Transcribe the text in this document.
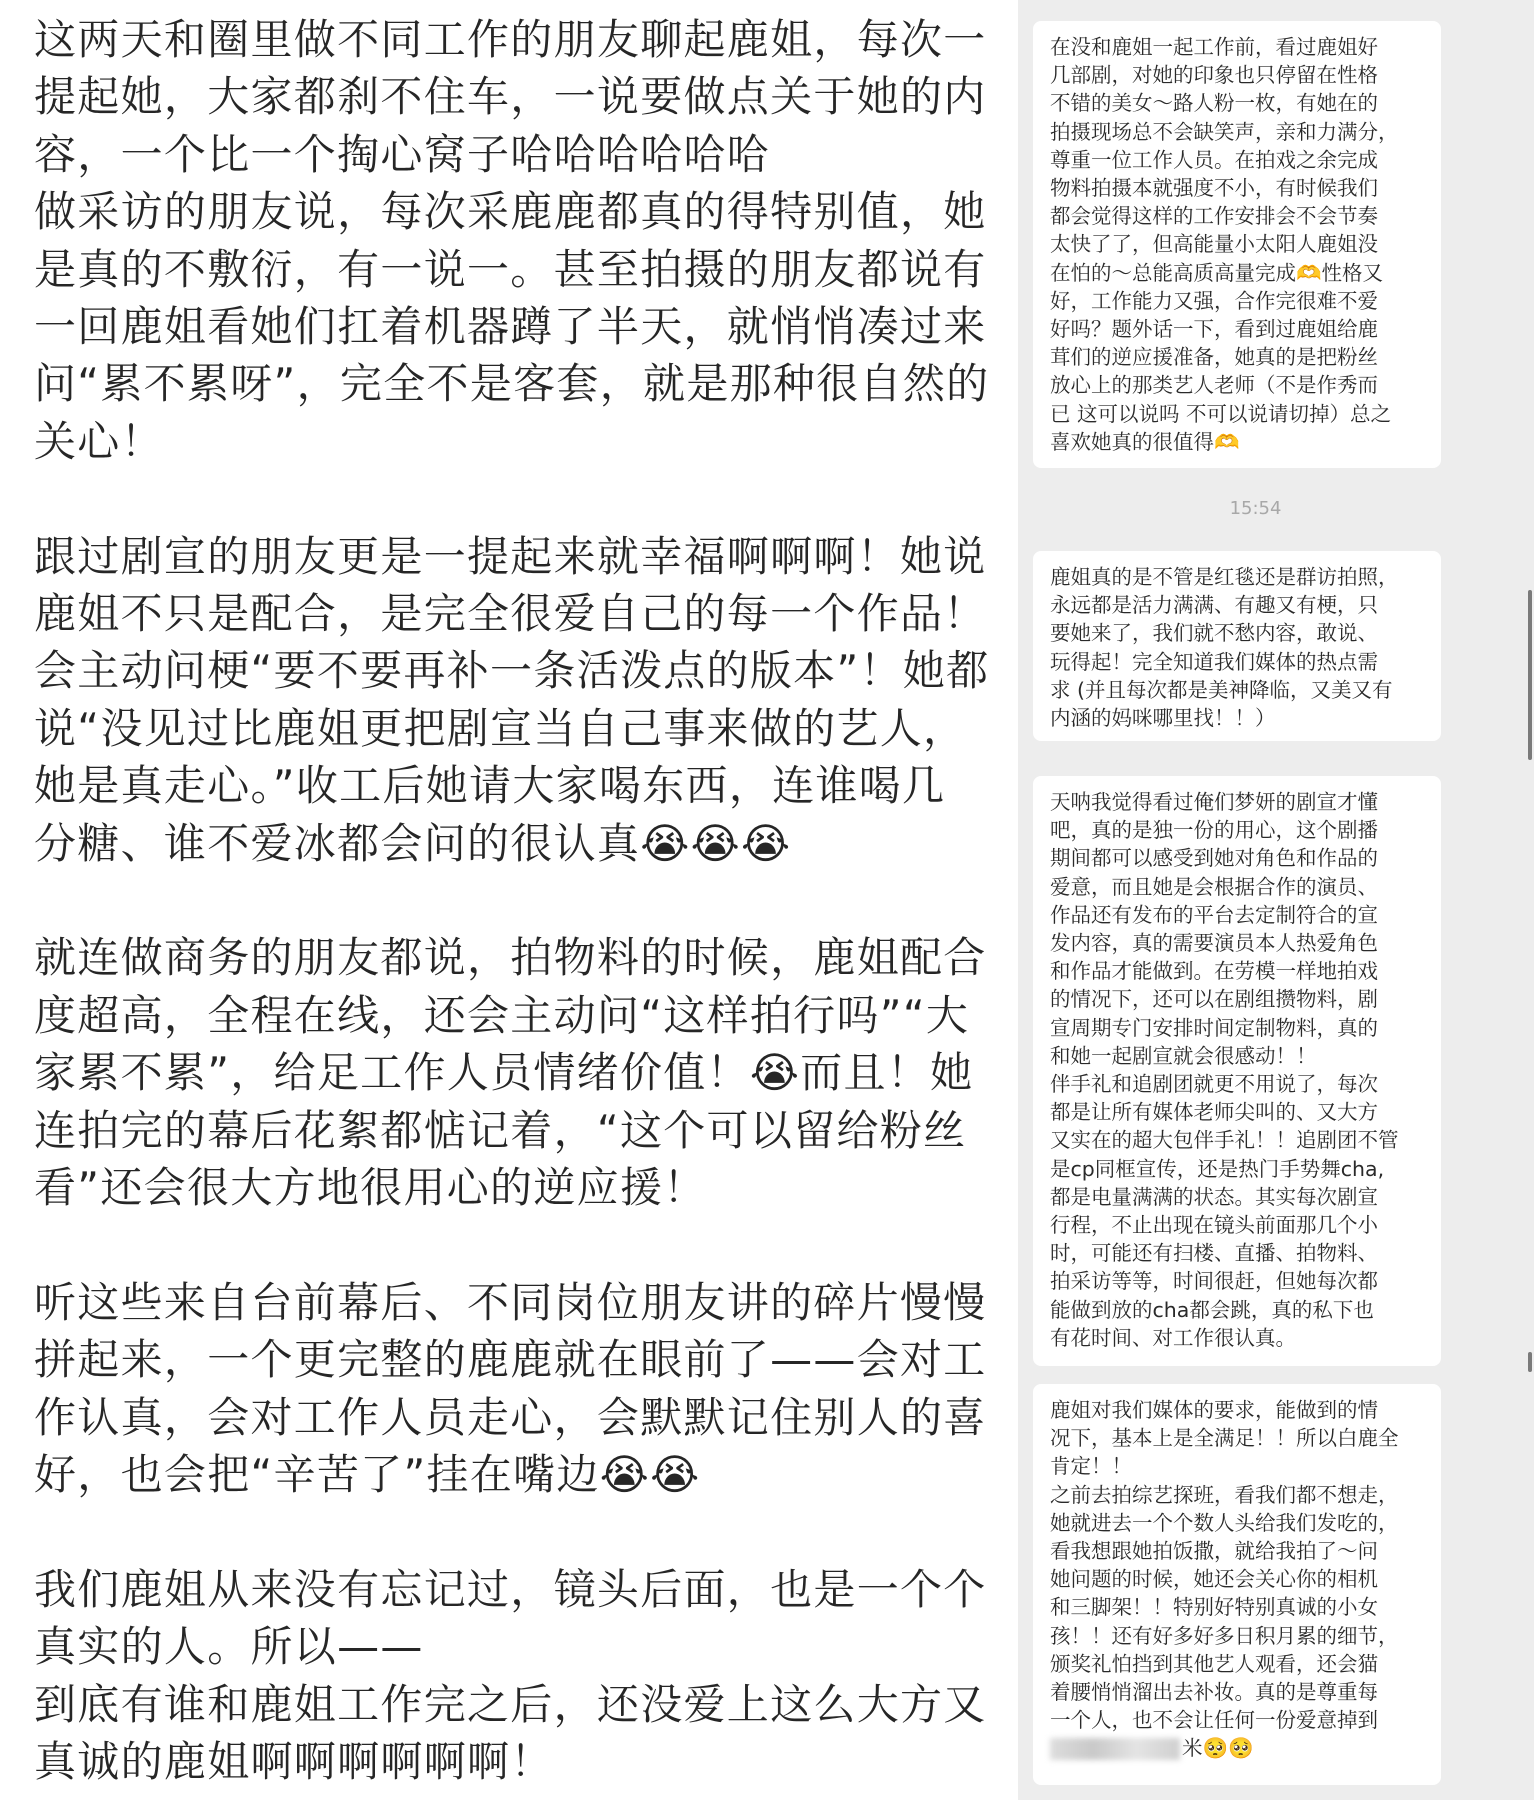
这两天和圈里做不同工作的朋友聊起鹿姐，每次一
提起她，大家都刹不住车，一说要做点关于她的内
容，一个比一个掏心窝子哈哈哈哈哈哈
做采访的朋友说，每次采鹿鹿都真的得特别值，她
是真的不敷衍，有一说一。甚至拍摄的朋友都说有
一回鹿姐看她们扛着机器蹲了半天，就悄悄凑过来
问“累不累呀”，完全不是客套，就是那种很自然的
关心！
跟过剧宣的朋友更是一提起来就幸福啊啊啊！她说
鹿姐不只是配合，是完全很爱自己的每一个作品！
会主动问梗“要不要再补一条活泼点的版本”！她都
说“没见过比鹿姐更把剧宣当自己事来做的艺人，
她是真走心。”收工后她请大家喝东西，连谁喝几
分糖、谁不爱冰都会问的很认真😭😭😭
就连做商务的朋友都说，拍物料的时候，鹿姐配合
度超高，全程在线，还会主动问“这样拍行吗”“大
家累不累”，给足工作人员情绪价值！😭而且！她
连拍完的幕后花絮都惦记着，“这个可以留给粉丝
看”还会很大方地很用心的逆应援！
听这些来自台前幕后、不同岗位朋友讲的碎片慢慢
拼起来，一个更完整的鹿鹿就在眼前了——会对工
作认真，会对工作人员走心，会默默记住别人的喜
好，也会把“辛苦了”挂在嘴边😭😭
我们鹿姐从来没有忘记过，镜头后面，也是一个个
真实的人。所以——
到底有谁和鹿姐工作完之后，还没爱上这么大方又
真诚的鹿姐啊啊啊啊啊啊！
15:54
在没和鹿姐一起工作前，看过鹿姐好
几部剧，对她的印象也只停留在性格
不错的美女～路人粉一枚，有她在的
拍摄现场总不会缺笑声，亲和力满分，
尊重一位工作人员。在拍戏之余完成
物料拍摄本就强度不小，有时候我们
都会觉得这样的工作安排会不会节奏
太快了了，但高能量小太阳人鹿姐没
在怕的～总能高质高量完成🫶性格又
好，工作能力又强，合作完很难不爱
好吗？题外话一下，看到过鹿姐给鹿
茸们的逆应援准备，她真的是把粉丝
放心上的那类艺人老师（不是作秀而
已 这可以说吗 不可以说请切掉）总之
喜欢她真的很值得🫶
鹿姐真的是不管是红毯还是群访拍照，
永远都是活力满满、有趣又有梗，只
要她来了，我们就不愁内容，敢说、
玩得起！完全知道我们媒体的热点需
求 (并且每次都是美神降临，又美又有
内涵的妈咪哪里找！！）
天呐我觉得看过俺们梦妍的剧宣才懂
吧，真的是独一份的用心，这个剧播
期间都可以感受到她对角色和作品的
爱意，而且她是会根据合作的演员、
作品还有发布的平台去定制符合的宣
发内容，真的需要演员本人热爱角色
和作品才能做到。在劳模一样地拍戏
的情况下，还可以在剧组攒物料，剧
宣周期专门安排时间定制物料，真的
和她一起剧宣就会很感动！！
伴手礼和追剧团就更不用说了，每次
都是让所有媒体老师尖叫的、又大方
又实在的超大包伴手礼！！追剧团不管
是cp同框宣传，还是热门手势舞cha,
都是电量满满的状态。其实每次剧宣
行程，不止出现在镜头前面那几个小
时，可能还有扫楼、直播、拍物料、
拍采访等等，时间很赶，但她每次都
能做到放的cha都会跳，真的私下也
有花时间、对工作很认真。
鹿姐对我们媒体的要求，能做到的情
况下，基本上是全满足！！所以白鹿全
肯定！！
之前去拍综艺探班，看我们都不想走，
她就进去一个个数人头给我们发吃的，
看我想跟她拍饭撒，就给我拍了～问
她问题的时候，她还会关心你的相机
和三脚架！！特别好特别真诚的小女
孩！！还有好多好多日积月累的细节，
颁奖礼怕挡到其他艺人观看，还会猫
着腰悄悄溜出去补妆。真的是尊重每
一个人，也不会让任何一份爱意掉到
米🥺🥺
